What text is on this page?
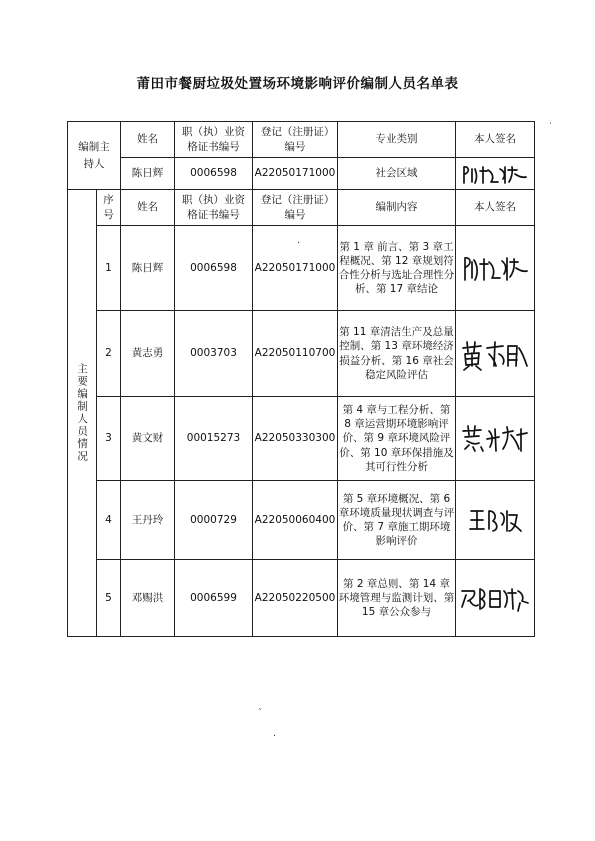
莆田市餐厨垃圾处置场环境影响评价编制人员名单表
编制主持人		姓名	职（执）业资格证书编号	登记（注册证）编号	专业类别	本人签名
		陈日辉	0006598	A22050171000	社会区域	

主要编制人员情况	序号	姓名	职（执）业资格证书编号	登记（注册证）编号	编制内容	本人签名
	1	陈日辉	0006598	A22050171000	第 1 章 前言、第 3 章工程概况、第 12 章规划符合性分析与选址合理性分析、第 17 章结论	

	2	黄志勇	0003703	A22050110700	第 11 章清洁生产及总量控制、第 13 章环境经济损益分析、第 16 章社会稳定风险评估	

	3	黄文财	00015273	A22050330300	第 4 章与工程分析、第 8 章运营期环境影响评价、第 9 章环境风险评价、第 10 章环保措施及其可行性分析	

	4	王丹玲	0000729	A22050060400	第 5 章环境概况、第 6 章环境质量现状调查与评价、第 7 章施工期环境影响评价	

	5	邓赐洪	0006599	A22050220500	第 2 章总则、第 14 章环境管理与监测计划、第 15 章公众参与	
˙
·
ˋ
·
